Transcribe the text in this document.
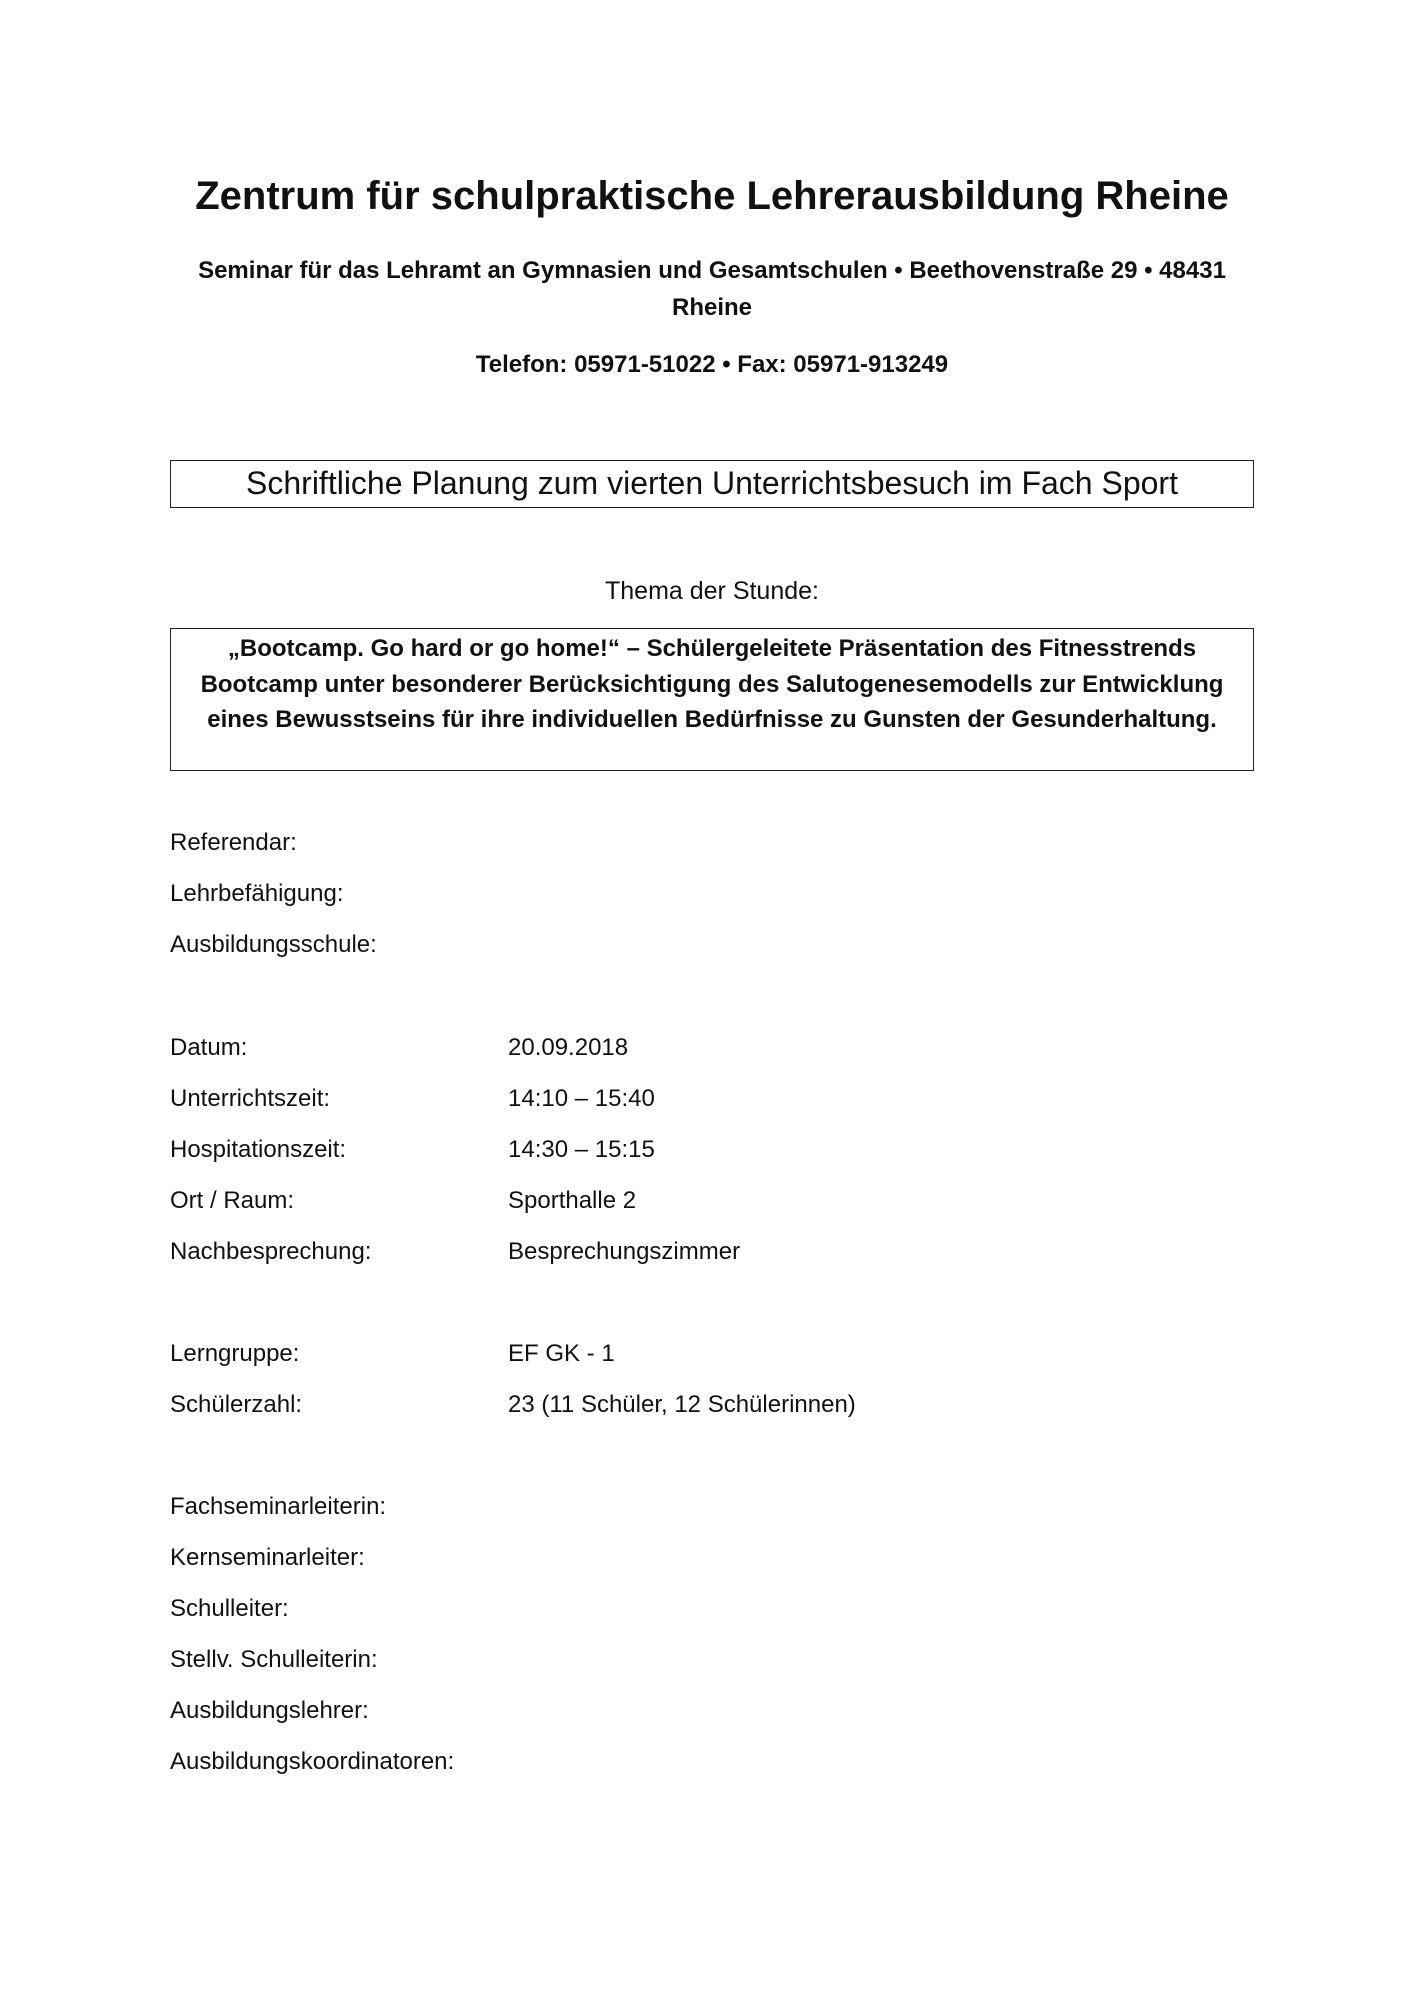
Zentrum für schulpraktische Lehrerausbildung Rheine

Seminar für das Lehramt an Gymnasien und Gesamtschulen • Beethovenstraße 29 • 48431 Rheine

Telefon: 05971-51022 • Fax: 05971-913249

Schriftliche Planung zum vierten Unterrichtsbesuch im Fach Sport

Thema der Stunde:

„Bootcamp. Go hard or go home!“ – Schülergeleitete Präsentation des Fitnesstrends Bootcamp unter besonderer Berücksichtigung des Salutogenesemodells zur Entwicklung eines Bewusstseins für ihre individuellen Bedürfnisse zu Gunsten der Gesunderhaltung.
Referendar:
Lehrbefähigung:
Ausbildungsschule:
Datum:	20.09.2018
Unterrichtszeit:	14:10 – 15:40
Hospitationszeit:	14:30 – 15:15
Ort / Raum:	Sporthalle 2
Nachbesprechung:	Besprechungszimmer
Lerngruppe:	EF GK - 1
Schülerzahl:	23 (11 Schüler, 12 Schülerinnen)
Fachseminarleiterin:
Kernseminarleiter:
Schulleiter:
Stellv. Schulleiterin:
Ausbildungslehrer:
Ausbildungskoordinatoren:
